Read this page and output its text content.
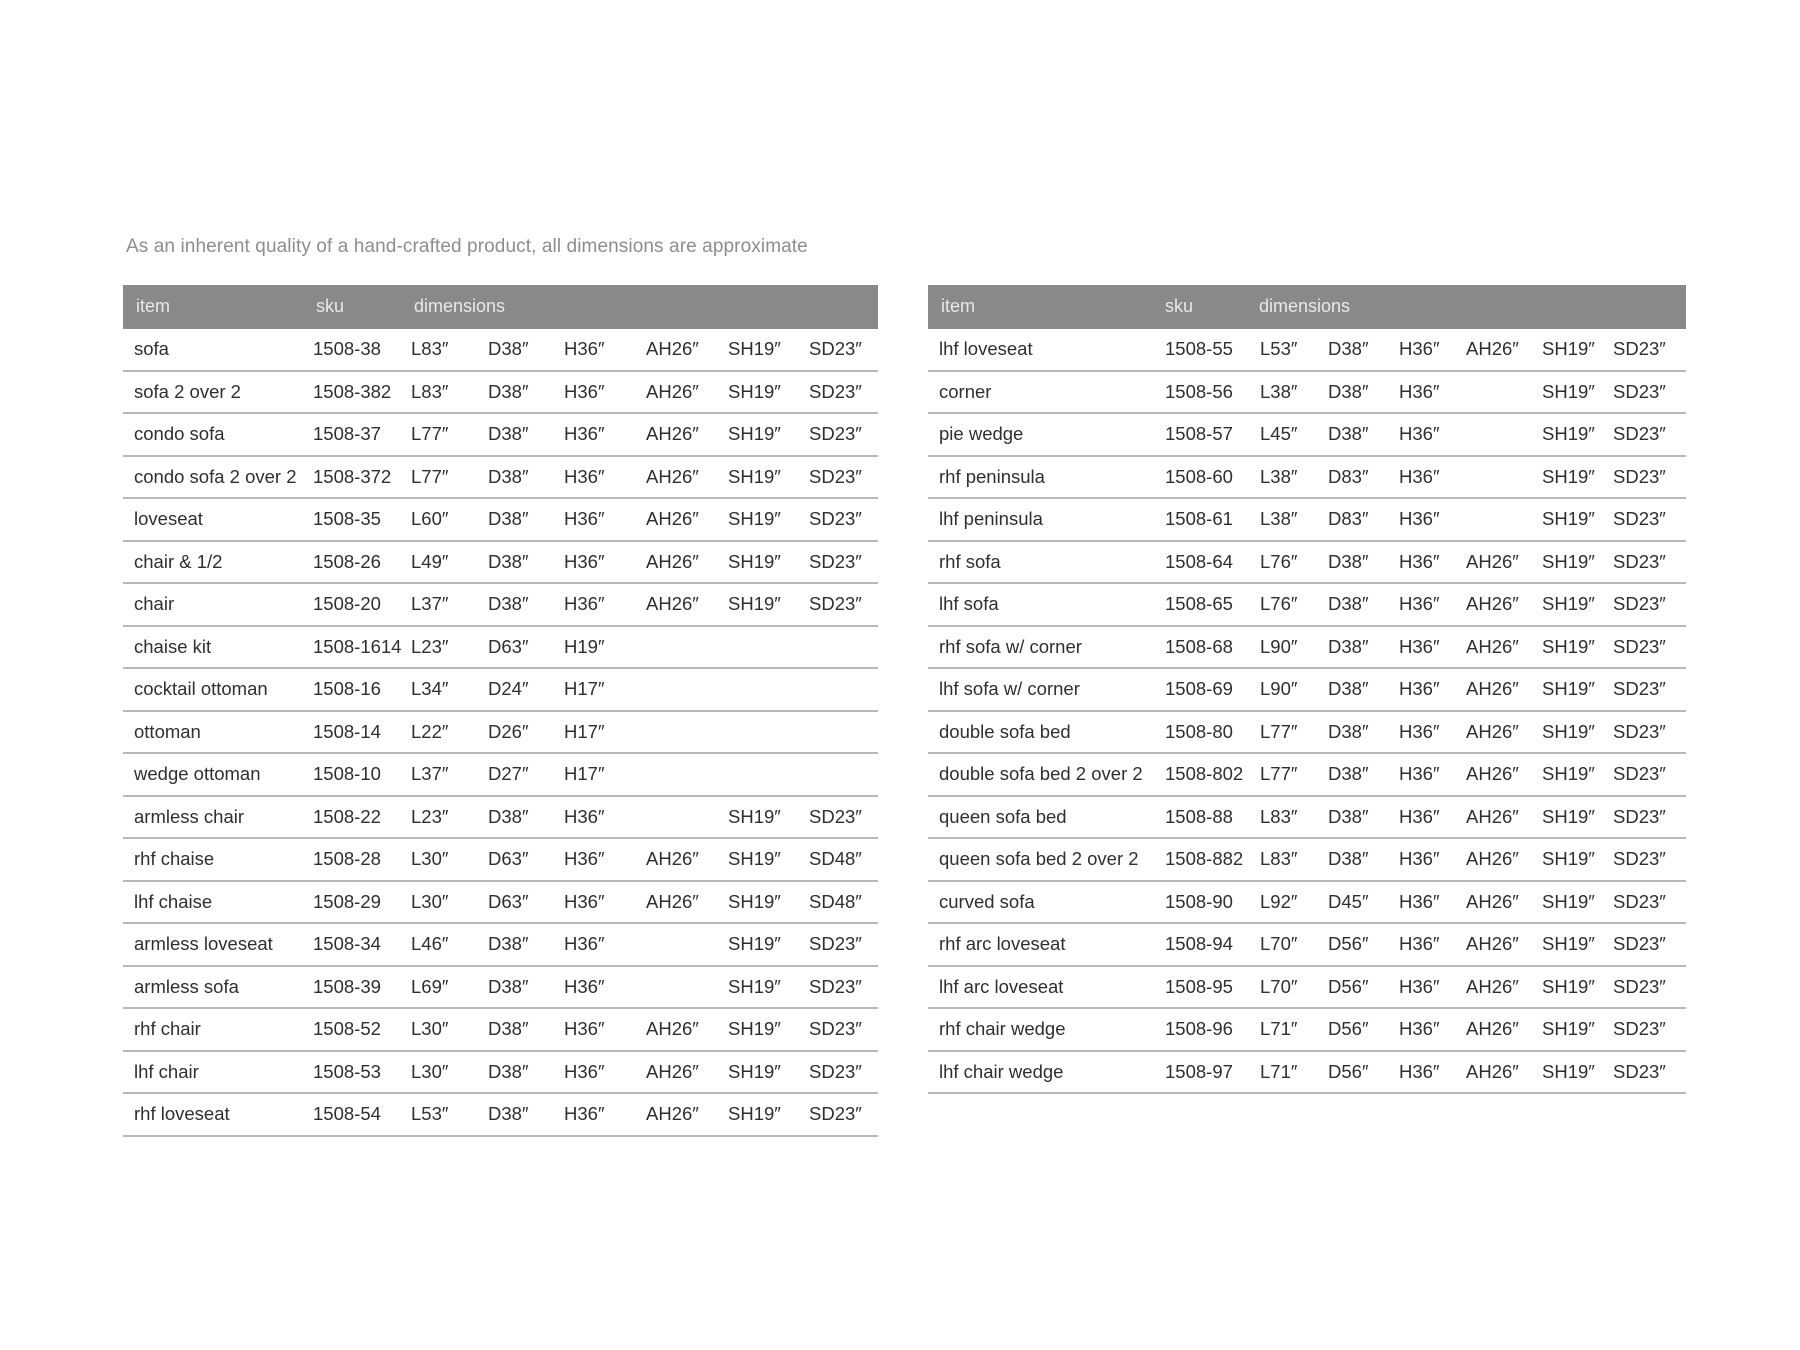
As an inherent quality of a hand-crafted product, all dimensions are approximate
item	sku	dimensions
sofa	1508-38 L83″ D38″ H36″ AH26″ SH19″ SD23″
sofa 2 over 2	1508-382 L83″ D38″ H36″ AH26″ SH19″ SD23″
condo sofa	1508-37 L77″ D38″ H36″ AH26″ SH19″ SD23″
condo sofa 2 over 2 1508-372 L77″ D38″ H36″ AH26″ SH19″ SD23″
loveseat	1508-35 L60″ D38″ H36″ AH26″ SH19″ SD23″
chair & 1/2	1508-26 L49″ D38″ H36″ AH26″ SH19″ SD23″
chair	1508-20 L37″ D38″ H36″ AH26″ SH19″ SD23″
chaise kit	1508-1614 L23″ D63″ H19″
cocktail ottoman 1508-16 L34″ D24″ H17″
ottoman	1508-14 L22″ D26″ H17″
wedge ottoman	1508-10 L37″ D27″ H17″
armless chair	1508-22 L23″ D38″ H36″	SH19″ SD23″
rhf chaise	1508-28 L30″ D63″ H36″ AH26″ SH19″ SD48″
lhf chaise	1508-29 L30″ D63″ H36″ AH26″ SH19″ SD48″
armless loveseat 1508-34 L46″ D38″ H36″	SH19″ SD23″
armless sofa	1508-39 L69″ D38″ H36″	SH19″ SD23″
rhf chair	1508-52 L30″ D38″ H36″ AH26″ SH19″ SD23″
lhf chair	1508-53 L30″ D38″ H36″ AH26″ SH19″ SD23″
rhf loveseat	1508-54 L53″ D38″ H36″ AH26″ SH19″ SD23″
item	sku	dimensions
lhf loveseat	1508-55 L53″ D38″ H36″ AH26″ SH19″ SD23″
corner	1508-56 L38″ D38″ H36″	SH19″ SD23″
pie wedge	1508-57 L45″ D38″ H36″	SH19″ SD23″
rhf peninsula	1508-60 L38″ D83″ H36″	SH19″ SD23″
lhf peninsula	1508-61 L38″ D83″ H36″	SH19″ SD23″
rhf sofa	1508-64 L76″ D38″ H36″ AH26″ SH19″ SD23″
lhf sofa	1508-65 L76″ D38″ H36″ AH26″ SH19″ SD23″
rhf sofa w/ corner	1508-68 L90″ D38″ H36″ AH26″ SH19″ SD23″
lhf sofa w/ corner	1508-69 L90″ D38″ H36″ AH26″ SH19″ SD23″
double sofa bed	1508-80 L77″ D38″ H36″ AH26″ SH19″ SD23″
double sofa bed 2 over 2 1508-802 L77″ D38″ H36″ AH26″ SH19″ SD23″
queen sofa bed	1508-88 L83″ D38″ H36″ AH26″ SH19″ SD23″
queen sofa bed 2 over 2 1508-882 L83″ D38″ H36″ AH26″ SH19″ SD23″
curved sofa	1508-90 L92″ D45″ H36″ AH26″ SH19″ SD23″
rhf arc loveseat	1508-94 L70″ D56″ H36″ AH26″ SH19″ SD23″
lhf arc loveseat	1508-95 L70″ D56″ H36″ AH26″ SH19″ SD23″
rhf chair wedge	1508-96 L71″ D56″ H36″ AH26″ SH19″ SD23″
lhf chair wedge	1508-97 L71″ D56″ H36″ AH26″ SH19″ SD23″
